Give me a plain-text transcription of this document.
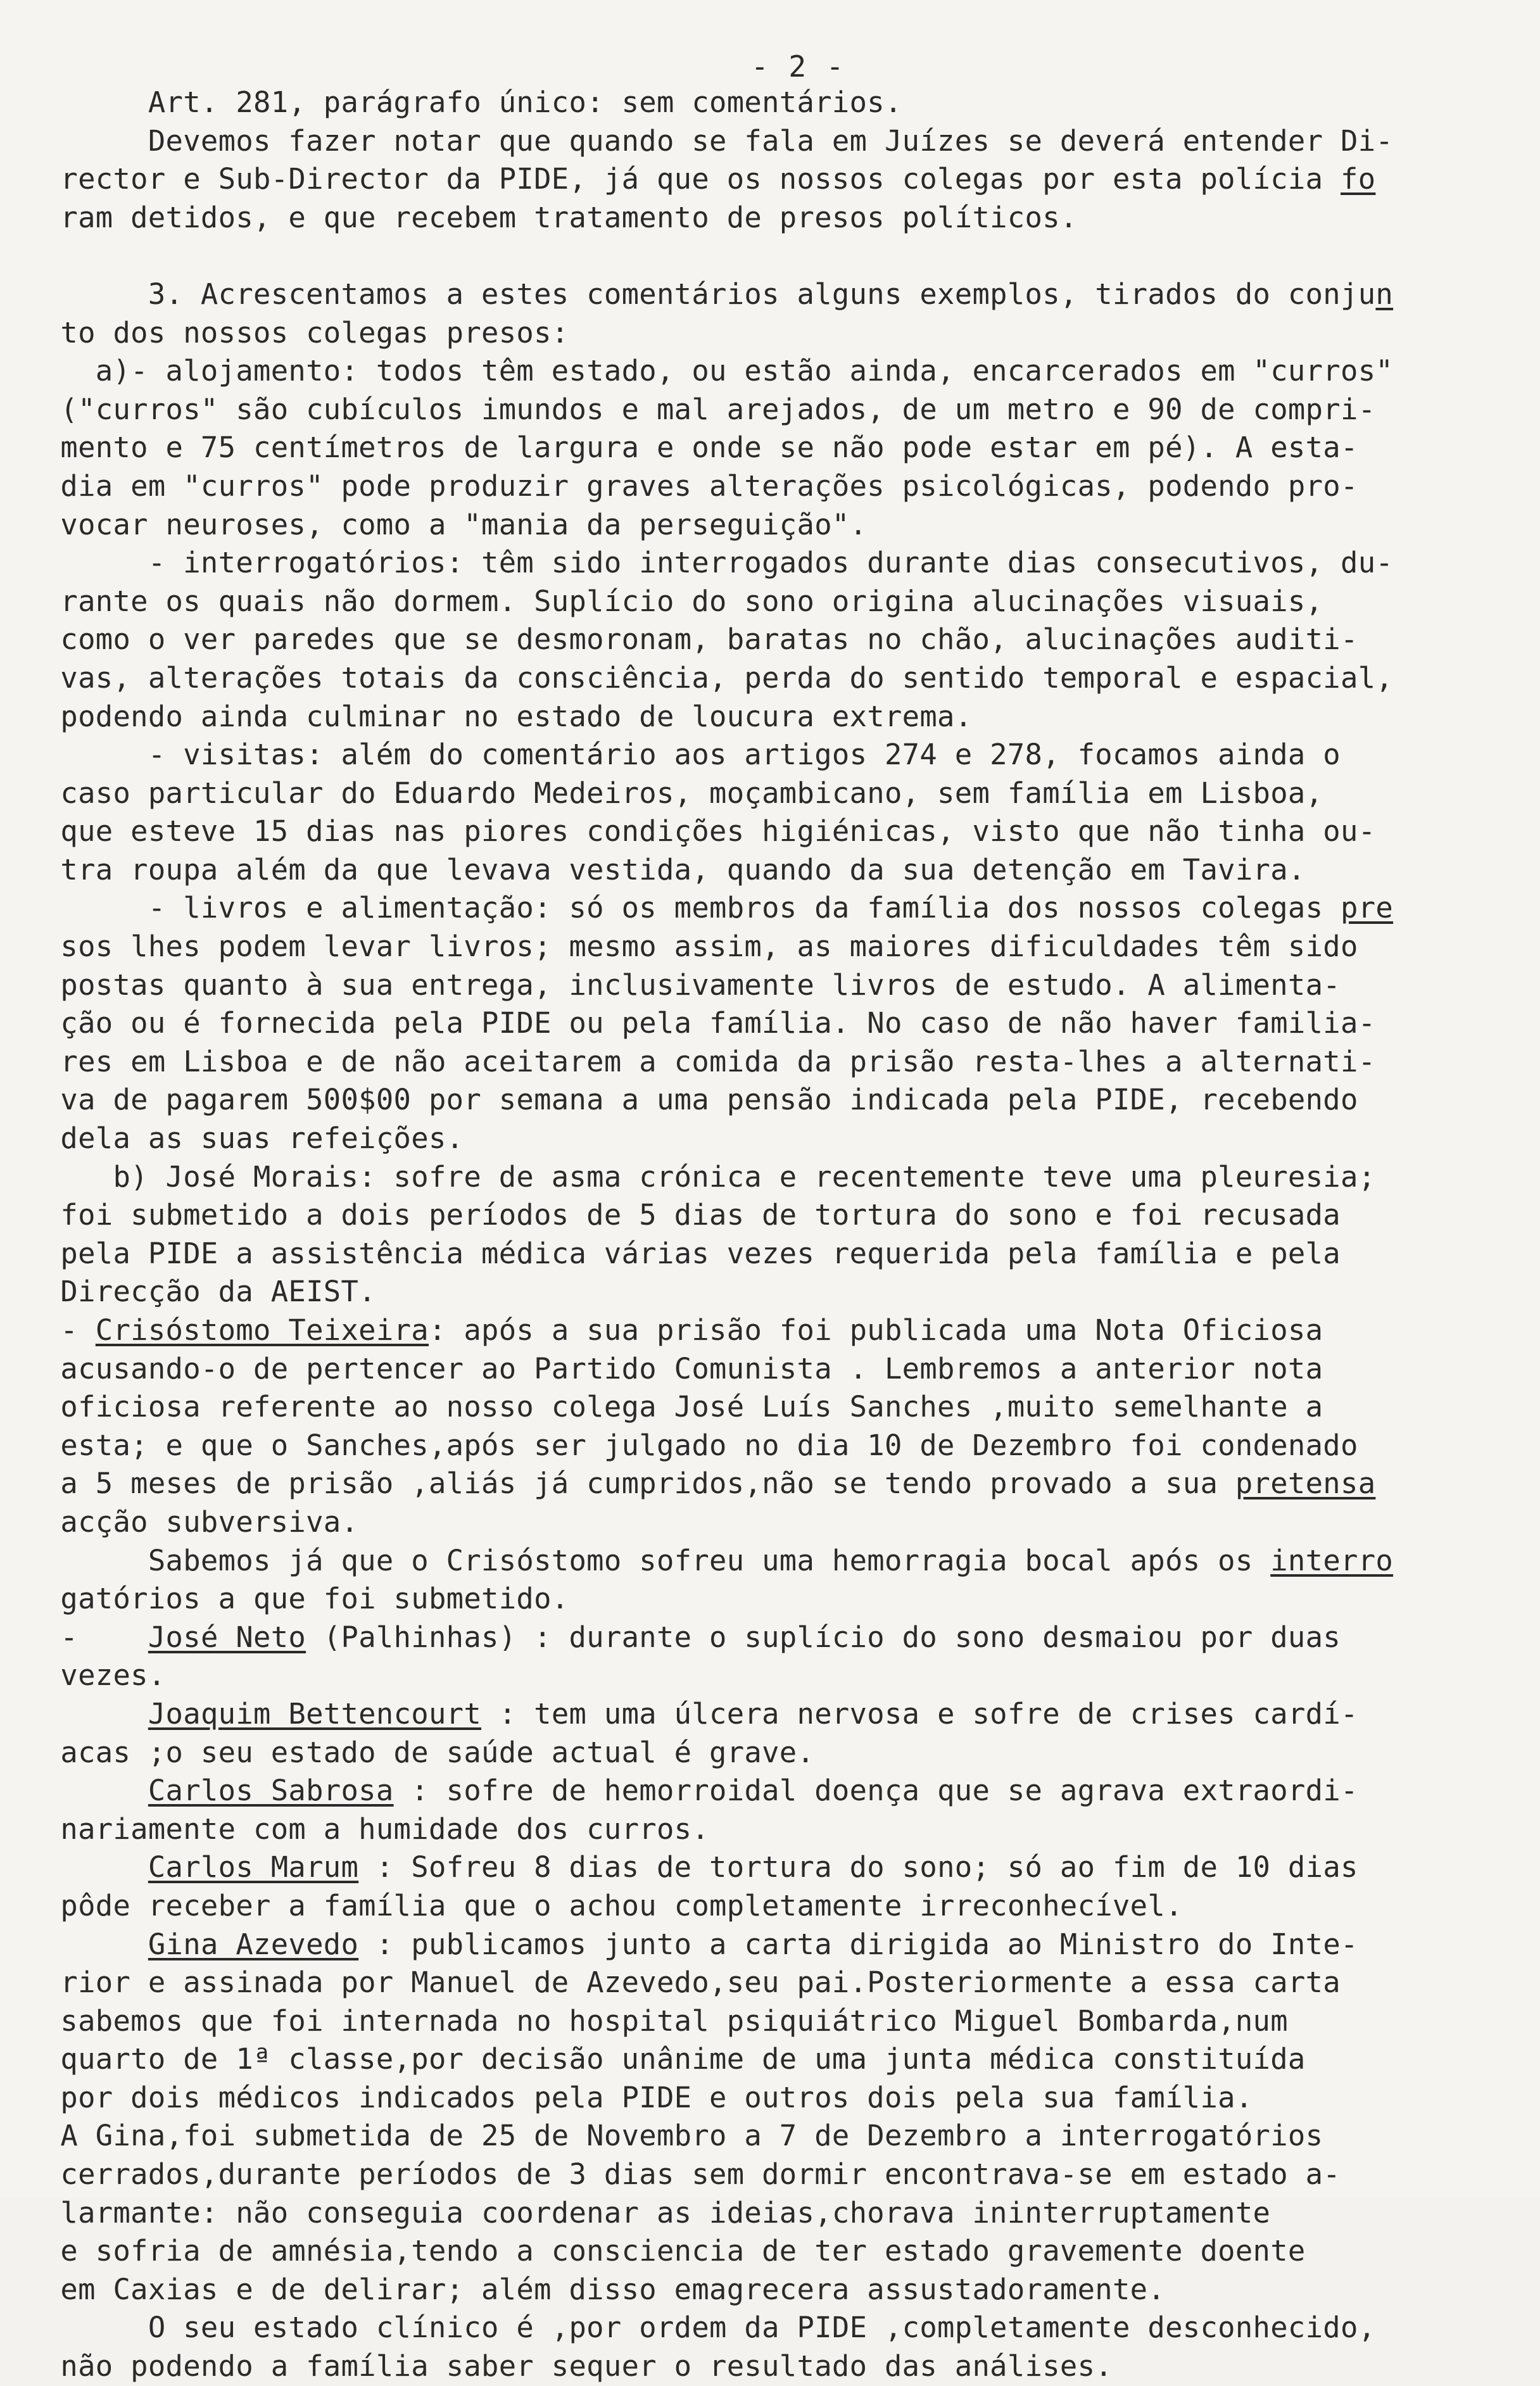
- 2 -
Art. 281, parágrafo único: sem comentários.
Devemos fazer notar que quando se fala em Juízes se deverá entender Di-
rector e Sub-Director da PIDE, já que os nossos colegas por esta polícia fo
ram detidos, e que recebem tratamento de presos políticos.
3. Acrescentamos a estes comentários alguns exemplos, tirados do conjun
to dos nossos colegas presos:
a)- alojamento: todos têm estado, ou estão ainda, encarcerados em "curros"
("curros" são cubículos imundos e mal arejados, de um metro e 90 de compri-
mento e 75 centímetros de largura e onde se não pode estar em pé). A esta-
dia em "curros" pode produzir graves alterações psicológicas, podendo pro-
vocar neuroses, como a "mania da perseguição".
- interrogatórios: têm sido interrogados durante dias consecutivos, du-
rante os quais não dormem. Suplício do sono origina alucinações visuais,
como o ver paredes que se desmoronam, baratas no chão, alucinações auditi-
vas, alterações totais da consciência, perda do sentido temporal e espacial,
podendo ainda culminar no estado de loucura extrema.
- visitas: além do comentário aos artigos 274 e 278, focamos ainda o
caso particular do Eduardo Medeiros, moçambicano, sem família em Lisboa,
que esteve 15 dias nas piores condições higiénicas, visto que não tinha ou-
tra roupa além da que levava vestida, quando da sua detenção em Tavira.
- livros e alimentação: só os membros da família dos nossos colegas pre
sos lhes podem levar livros; mesmo assim, as maiores dificuldades têm sido
postas quanto à sua entrega, inclusivamente livros de estudo. A alimenta-
ção ou é fornecida pela PIDE ou pela família. No caso de não haver familia-
res em Lisboa e de não aceitarem a comida da prisão resta-lhes a alternati-
va de pagarem 500$00 por semana a uma pensão indicada pela PIDE, recebendo
dela as suas refeições.
b) José Morais: sofre de asma crónica e recentemente teve uma pleuresia;
foi submetido a dois períodos de 5 dias de tortura do sono e foi recusada
pela PIDE a assistência médica várias vezes requerida pela família e pela
Direcção da AEIST.
- Crisóstomo Teixeira: após a sua prisão foi publicada uma Nota Oficiosa
acusando-o de pertencer ao Partido Comunista . Lembremos a anterior nota
oficiosa referente ao nosso colega José Luís Sanches ,muito semelhante a
esta; e que o Sanches,após ser julgado no dia 10 de Dezembro foi condenado
a 5 meses de prisão ,aliás já cumpridos,não se tendo provado a sua pretensa
acção subversiva.
Sabemos já que o Crisóstomo sofreu uma hemorragia bocal após os interro
gatórios a que foi submetido.
-    José Neto (Palhinhas) : durante o suplício do sono desmaiou por duas
vezes.
Joaquim Bettencourt : tem uma úlcera nervosa e sofre de crises cardí-
acas ;o seu estado de saúde actual é grave.
Carlos Sabrosa : sofre de hemorroidal doença que se agrava extraordi-
nariamente com a humidade dos curros.
Carlos Marum : Sofreu 8 dias de tortura do sono; só ao fim de 10 dias
pôde receber a família que o achou completamente irreconhecível.
Gina Azevedo : publicamos junto a carta dirigida ao Ministro do Inte-
rior e assinada por Manuel de Azevedo,seu pai.Posteriormente a essa carta
sabemos que foi internada no hospital psiquiátrico Miguel Bombarda,num
quarto de 1ª classe,por decisão unânime de uma junta médica constituída
por dois médicos indicados pela PIDE e outros dois pela sua família.
A Gina,foi submetida de 25 de Novembro a 7 de Dezembro a interrogatórios
cerrados,durante períodos de 3 dias sem dormir encontrava-se em estado a-
larmante: não conseguia coordenar as ideias,chorava ininterruptamente
e sofria de amnésia,tendo a consciencia de ter estado gravemente doente
em Caxias e de delirar; além disso emagrecera assustadoramente.
O seu estado clínico é ,por ordem da PIDE ,completamente desconhecido,
não podendo a família saber sequer o resultado das análises.
